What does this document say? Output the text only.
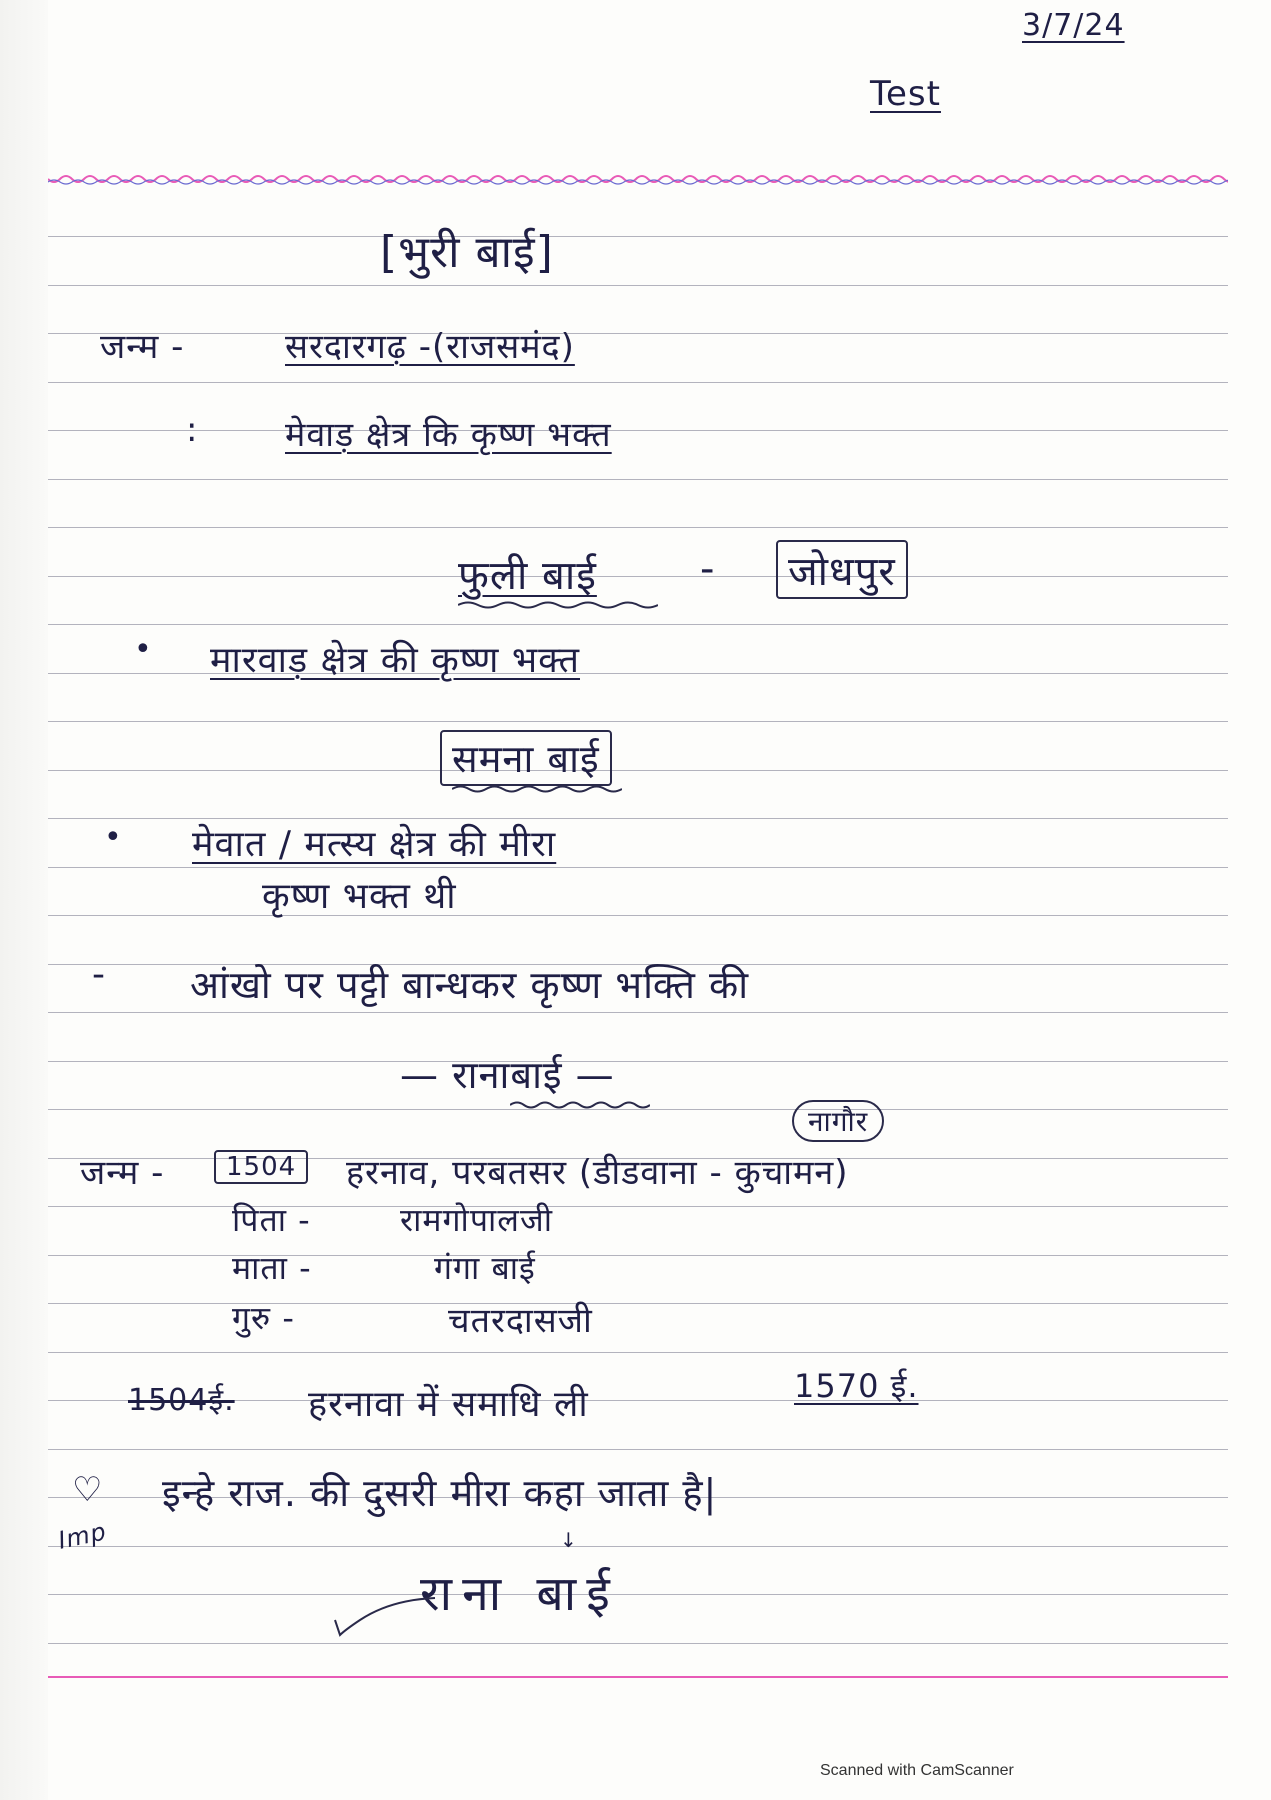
3/7/24
Test
[भुरी बाई]
जन्म -	सरदारगढ़ -(राजसमंद)
:	मेवाड़ क्षेत्र कि कृष्ण भक्त
फुली बाई	-	जोधपुर
• मारवाड़ क्षेत्र की कृष्ण भक्त
समना बाई
• मेवात / मत्स्य क्षेत्र की मीरा
कृष्ण भक्त थी
- आंखो पर पट्टी बान्धकर कृष्ण भक्ति की
— रानाबाई —
नागौर
जन्म -	1504	हरनाव, परबतसर (डीडवाना - कुचामन)
पिता -	रामगोपालजी
माता -	गंगा बाई
गुरु -	चतरदासजी
1504ई. हरनावा में समाधि ली	1570 ई.
♡
Imp
इन्हे राज. की दुसरी मीरा कहा जाता है|
↓
राना बाई
Scanned with CamScanner
